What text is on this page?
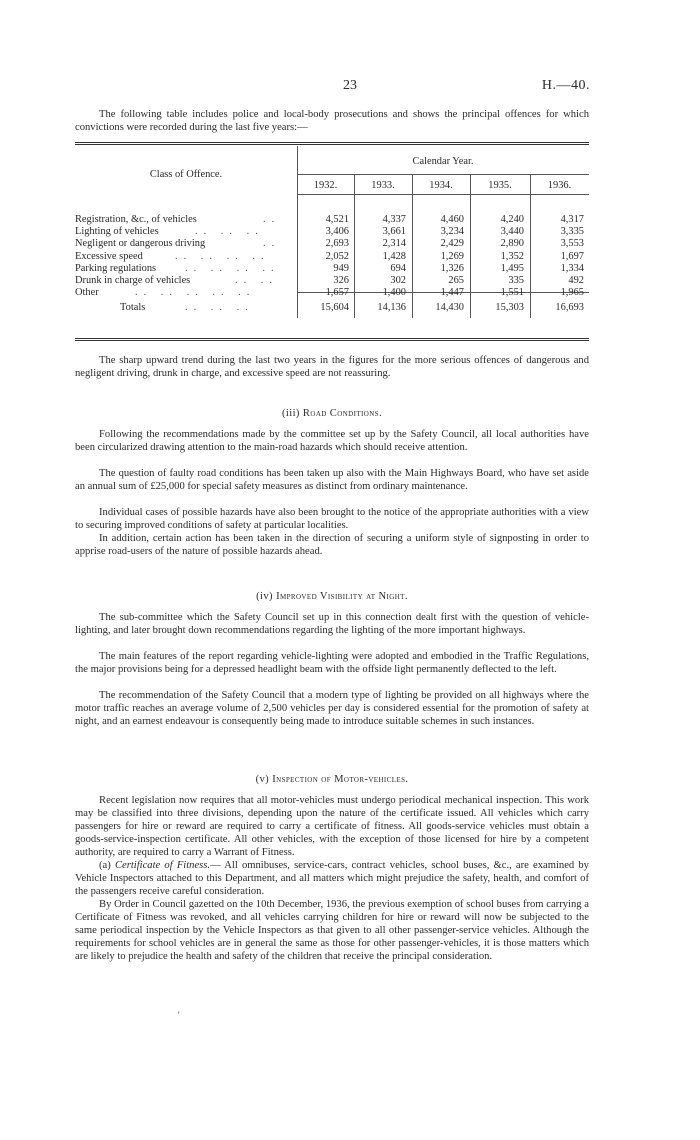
23	H.—40.

The following table includes police and local-body prosecutions and shows the principal offences for which convictions were recorded during the last five years:—

Class of Offence.
Calendar Year.
1932.	1933.	1934.	1935.	1936.
Registration, &c., of vehicles	..	4,521	4,337	4,460	4,240	4,317
Lighting of vehicles	.. .. ..	3,406	3,661	3,234	3,440	3,335
Negligent or dangerous driving	..	2,693	2,314	2,429	2,890	3,553
Excessive speed	.. .. .. ..	2,052	1,428	1,269	1,352	1,697
Parking regulations	.. .. .. ..	949	694	1,326	1,495	1,334
Drunk in charge of vehicles	.. ..	326	302	265	335	492
Other	.. .. .. .. ..	1,657	1,400	1,447	1,551	1,965
Totals	.. .. ..	15,604	14,136	14,430	15,303	16,693

The sharp upward trend during the last two years in the figures for the more serious offences of dangerous and negligent driving, drunk in charge, and excessive speed are not reassuring.

(iii) Road Conditions.

Following the recommendations made by the committee set up by the Safety Council, all local authorities have been circularized drawing attention to the main-road hazards which should receive attention.

The question of faulty road conditions has been taken up also with the Main Highways Board, who have set aside an annual sum of £25,000 for special safety measures as distinct from ordinary maintenance.

Individual cases of possible hazards have also been brought to the notice of the appropriate authorities with a view to securing improved conditions of safety at particular localities.

In addition, certain action has been taken in the direction of securing a uniform style of signposting in order to apprise road-users of the nature of possible hazards ahead.

(iv) Improved Visibility at Night.

The sub-committee which the Safety Council set up in this connection dealt first with the question of vehicle-lighting, and later brought down recommendations regarding the lighting of the more important highways.

The main features of the report regarding vehicle-lighting were adopted and embodied in the Traffic Regulations, the major provisions being for a depressed headlight beam with the offside light permanently deflected to the left.

The recommendation of the Safety Council that a modern type of lighting be provided on all highways where the motor traffic reaches an average volume of 2,500 vehicles per day is considered essential for the promotion of safety at night, and an earnest endeavour is consequently being made to introduce suitable schemes in such instances.

(v) Inspection of Motor-vehicles.

Recent legislation now requires that all motor-vehicles must undergo periodical mechanical inspection. This work may be classified into three divisions, depending upon the nature of the certificate issued. All vehicles which carry passengers for hire or reward are required to carry a certificate of fitness. All goods-service vehicles must obtain a goods-service-inspection certificate. All other vehicles, with the exception of those licensed for hire by a competent authority, are required to carry a Warrant of Fitness.

(a) Certificate of Fitness.— All omnibuses, service-cars, contract vehicles, school buses, &c., are examined by Vehicle Inspectors attached to this Department, and all matters which might prejudice the safety, health, and comfort of the passengers receive careful consideration.

By Order in Council gazetted on the 10th December, 1936, the previous exemption of school buses from carrying a Certificate of Fitness was revoked, and all vehicles carrying children for hire or reward will now be subjected to the same periodical inspection by the Vehicle Inspectors as that given to all other passenger-service vehicles. Although the requirements for school vehicles are in general the same as those for other passenger-vehicles, it is those matters which are likely to prejudice the health and safety of the children that receive the principal consideration.

'
